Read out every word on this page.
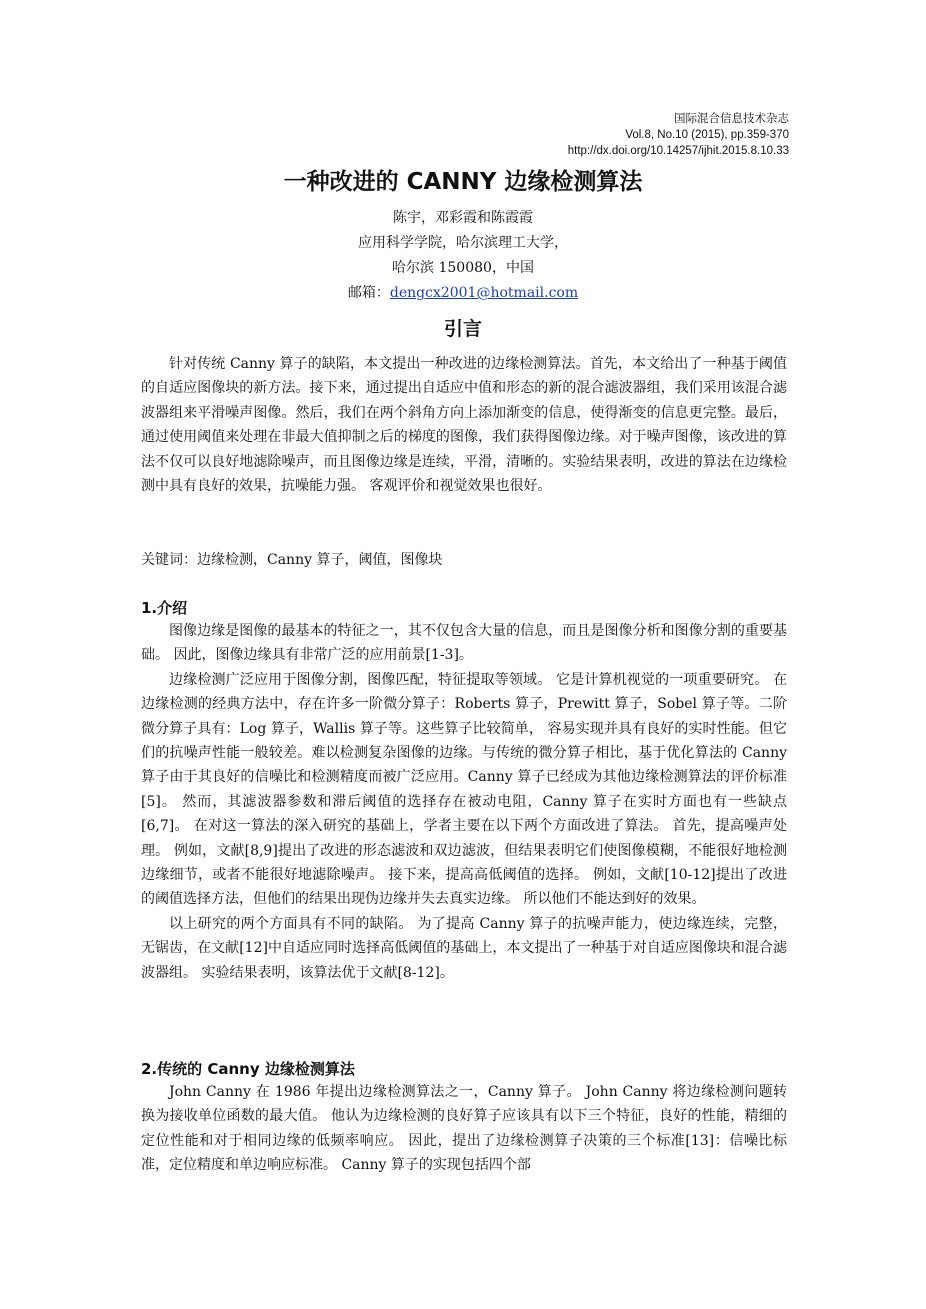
国际混合信息技术杂志
Vol.8, No.10 (2015), pp.359-370
http://dx.doi.org/10.14257/ijhit.2015.8.10.33
一种改进的 CANNY 边缘检测算法
陈宇，邓彩霞和陈霞霞
应用科学学院，哈尔滨理工大学，
哈尔滨 150080，中国
邮箱：dengcx2001@hotmail.com
引言

针对传统 Canny 算子的缺陷，本文提出一种改进的边缘检测算法。首先，本文给出了一种基于阈值的自适应图像块的新方法。接下来，通过提出自适应中值和形态的新的混合滤波器组，我们采用该混合滤波器组来平滑噪声图像。然后，我们在两个斜角方向上添加渐变的信息，使得渐变的信息更完整。最后，通过使用阈值来处理在非最大值抑制之后的梯度的图像，我们获得图像边缘。对于噪声图像，该改进的算法不仅可以良好地滤除噪声，而且图像边缘是连续，平滑，清晰的。实验结果表明，改进的算法在边缘检测中具有良好的效果，抗噪能力强。 客观评价和视觉效果也很好。

关键词：边缘检测，Canny 算子，阈值，图像块

1.介绍

图像边缘是图像的最基本的特征之一，其不仅包含大量的信息，而且是图像分析和图像分割的重要基础。 因此，图像边缘具有非常广泛的应用前景[1-3]。

边缘检测广泛应用于图像分割，图像匹配，特征提取等领域。 它是计算机视觉的一项重要研究。 在边缘检测的经典方法中，存在许多一阶微分算子：Roberts 算子，Prewitt 算子，Sobel 算子等。二阶微分算子具有：Log 算子，Wallis 算子等。这些算子比较简单， 容易实现并具有良好的实时性能。但它们的抗噪声性能一般较差。难以检测复杂图像的边缘。与传统的微分算子相比，基于优化算法的 Canny 算子由于其良好的信噪比和检测精度而被广泛应用。Canny 算子已经成为其他边缘检测算法的评价标准[5]。 然而，其滤波器参数和滞后阈值的选择存在被动电阻，Canny 算子在实时方面也有一些缺点[6,7]。 在对这一算法的深入研究的基础上，学者主要在以下两个方面改进了算法。 首先，提高噪声处理。 例如，文献[8,9]提出了改进的形态滤波和双边滤波，但结果表明它们使图像模糊，不能很好地检测边缘细节，或者不能很好地滤除噪声。 接下来，提高高低阈值的选择。 例如，文献[10-12]提出了改进的阈值选择方法，但他们的结果出现伪边缘并失去真实边缘。 所以他们不能达到好的效果。

以上研究的两个方面具有不同的缺陷。 为了提高 Canny 算子的抗噪声能力，使边缘连续，完整，无锯齿，在文献[12]中自适应同时选择高低阈值的基础上，本文提出了一种基于对自适应图像块和混合滤波器组。 实验结果表明，该算法优于文献[8-12]。

2.传统的 Canny 边缘检测算法

John Canny 在 1986 年提出边缘检测算法之一，Canny 算子。 John Canny 将边缘检测问题转换为接收单位函数的最大值。 他认为边缘检测的良好算子应该具有以下三个特征，良好的性能，精细的定位性能和对于相同边缘的低频率响应。 因此，提出了边缘检测算子决策的三个标准[13]：信噪比标准，定位精度和单边响应标准。 Canny 算子的实现包括四个部
